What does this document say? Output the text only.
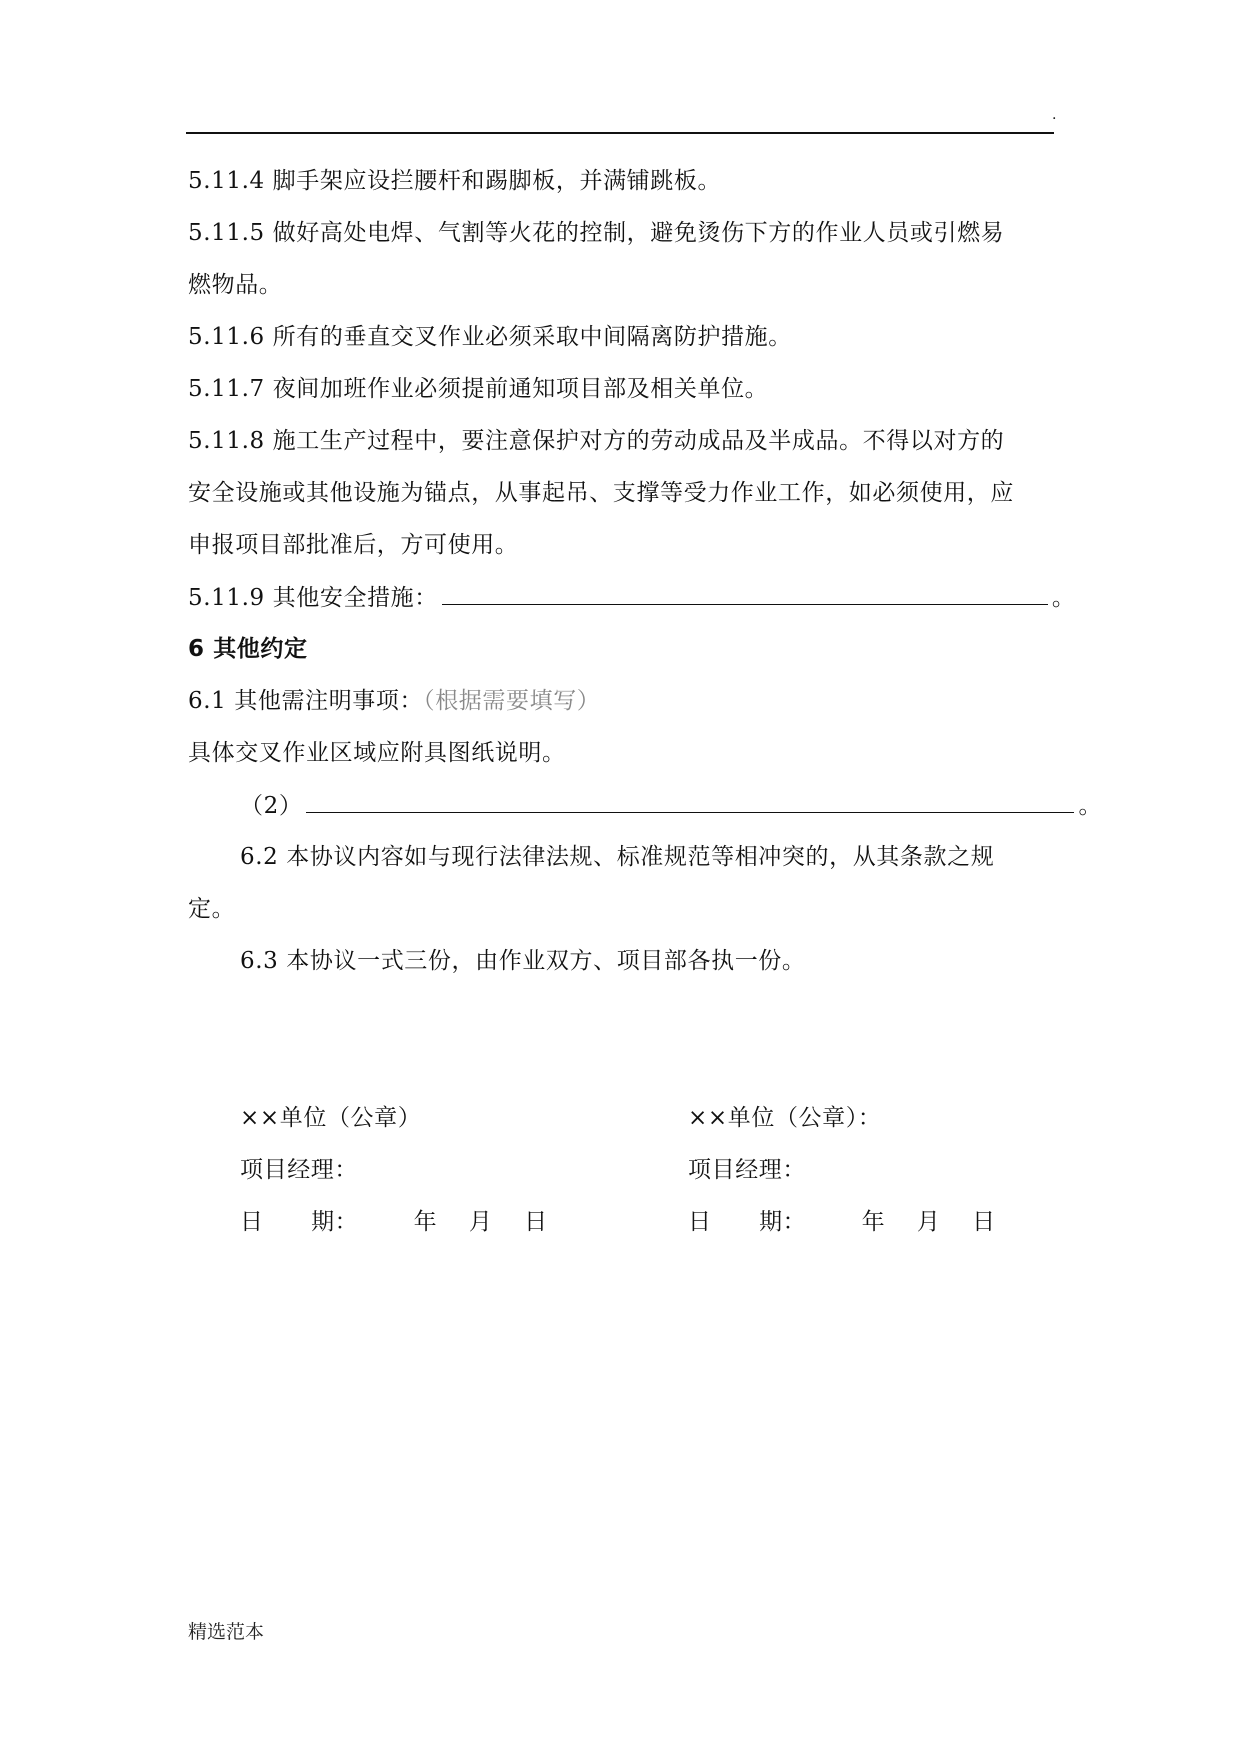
.
5.11.4 脚手架应设拦腰杆和踢脚板，并满铺跳板。
5.11.5 做好高处电焊、气割等火花的控制，避免烫伤下方的作业人员或引燃易
燃物品。
5.11.6 所有的垂直交叉作业必须采取中间隔离防护措施。
5.11.7 夜间加班作业必须提前通知项目部及相关单位。
5.11.8 施工生产过程中，要注意保护对方的劳动成品及半成品。不得以对方的
安全设施或其他设施为锚点，从事起吊、支撑等受力作业工作，如必须使用，应
申报项目部批准后，方可使用。
5.11.9 其他安全措施：	。
6 其他约定
6.1 其他需注明事项：（根据需要填写）
具体交叉作业区域应附具图纸说明。
（2）	。
6.2 本协议内容如与现行法律法规、标准规范等相冲突的，从其条款之规
定。
6.3 本协议一式三份，由作业双方、项目部各执一份。
××单位（公章）
项目经理：
日      期：       年    月    日
××单位（公章）：
项目经理：
日      期：       年    月    日
精选范本
